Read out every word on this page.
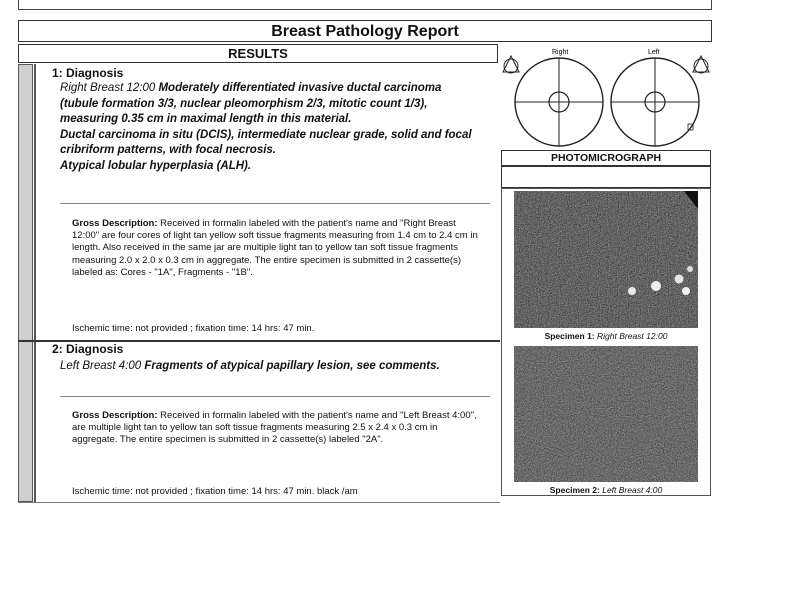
Breast Pathology Report
RESULTS
1: Diagnosis
Right Breast 12:00 Moderately differentiated invasive ductal carcinoma (tubule formation 3/3, nuclear pleomorphism 2/3, mitotic count 1/3), measuring 0.35 cm in maximal length in this material.
Ductal carcinoma in situ (DCIS), intermediate nuclear grade, solid and focal cribriform patterns, with focal necrosis.
Atypical lobular hyperplasia (ALH).
Gross Description: Received in formalin labeled with the patient's name and "Right Breast 12:00" are four cores of light tan yellow soft tissue fragments measuring from 1.4 cm to 2.4 cm in length. Also received in the same jar are multiple light tan to yellow tan soft tissue fragments measuring 2.0 x 2.0 x 0.3 cm in aggregate. The entire specimen is submitted in 2 cassette(s) labeled as: Cores - "1A", Fragments - "1B".
Ischemic time: not provided ; fixation time: 14 hrs: 47 min.
2: Diagnosis
Left Breast 4:00 Fragments of atypical papillary lesion, see comments.
Gross Description: Received in formalin labeled with the patient's name and "Left Breast 4:00", are multiple light tan to yellow tan soft tissue fragments measuring 2.5 x 2.4 x 0.3 cm in aggregate. The entire specimen is submitted in 2 cassette(s) labeled "2A".
Ischemic time: not provided ; fixation time: 14 hrs: 47 min. black /am
Right	Left
PHOTOMICROGRAPH
Specimen 1: Right Breast 12:00
Specimen 2: Left Breast 4:00
